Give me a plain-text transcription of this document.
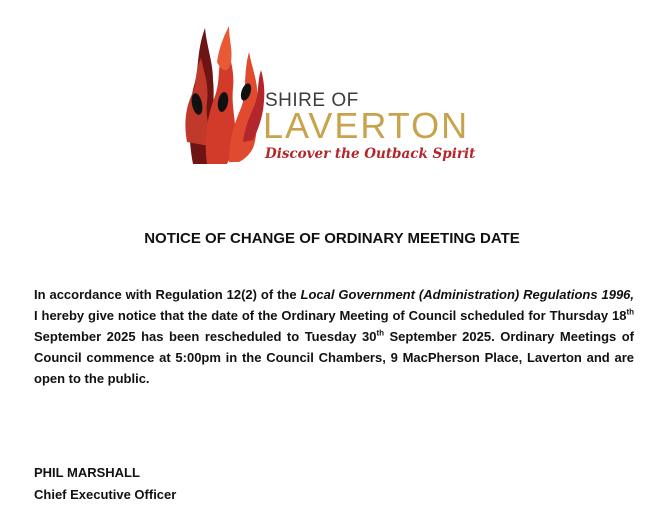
SHIRE OF
LAVERTON
Discover the Outback Spirit
NOTICE OF CHANGE OF ORDINARY MEETING DATE

In accordance with Regulation 12(2) of the Local Government (Administration) Regulations 1996, I hereby give notice that the date of the Ordinary Meeting of Council scheduled for Thursday 18th September 2025 has been rescheduled to Tuesday 30th September 2025. Ordinary Meetings of Council commence at 5:00pm in the Council Chambers, 9 MacPherson Place, Laverton and are open to the public.

PHIL MARSHALL

Chief Executive Officer
